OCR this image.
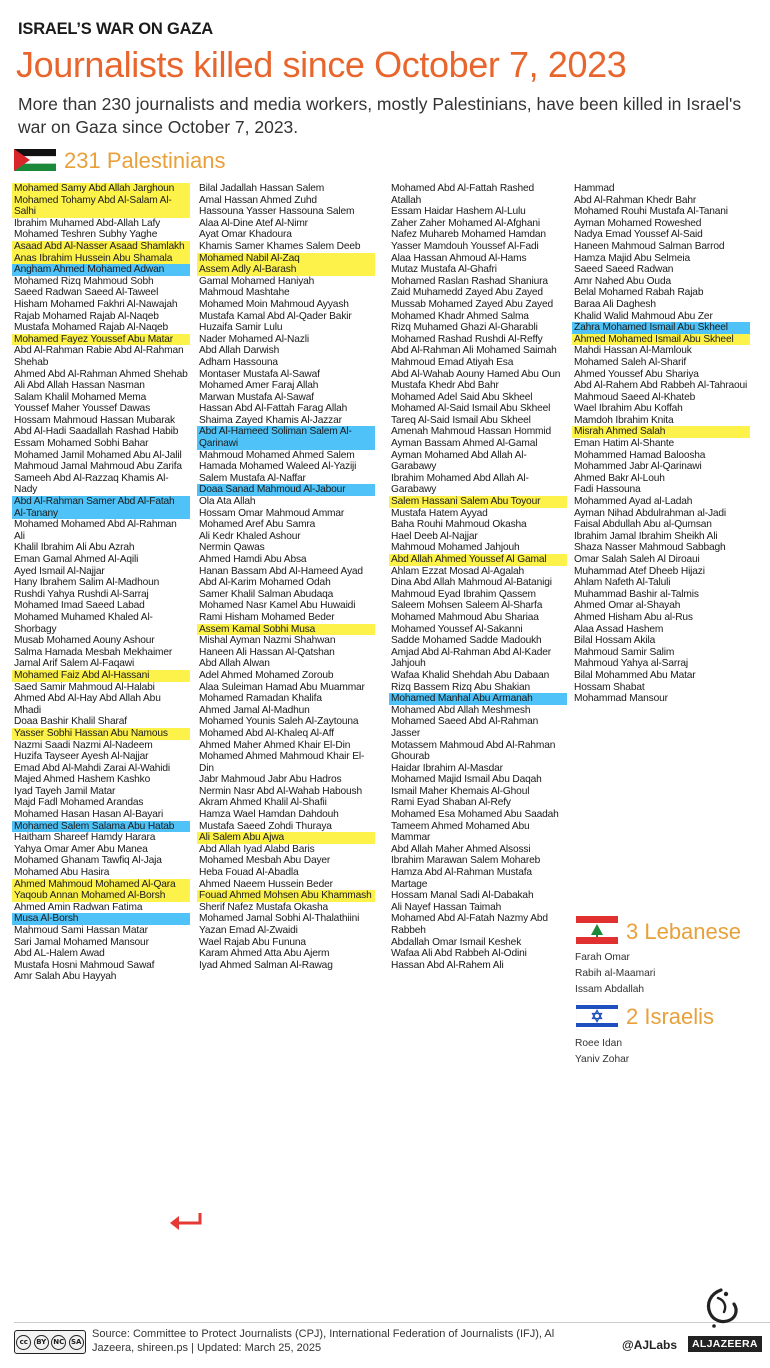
ISRAEL’S WAR ON GAZA
Journalists killed since October 7, 2023
More than 230 journalists and media workers, mostly Palestinians, have been killed in Israel's war on Gaza since October 7, 2023.
231 Palestinians
Mohamed Samy Abd Allah Jarghoun
Mohamed Tohamy Abd Al-Salam Al-Salhi
Ibrahim Muhamed Abd-Allah Lafy
Mohamed Teshren Subhy Yaghe
Asaad Abd Al-Nasser Asaad Shamlakh
Anas Ibrahim Hussein Abu Shamala
Angham Ahmed Mohamed Adwan
Mohamed Rizq Mahmoud Sobh
Saeed Radwan Saeed Al-Taweel
Hisham Mohamed Fakhri Al-Nawajah
Rajab Mohamed Rajab Al-Naqeb
Mustafa Mohamed Rajab Al-Naqeb
Mohamed Fayez Youssef Abu Matar
Abd Al-Rahman Rabie Abd Al-Rahman Shehab
Ahmed Abd Al-Rahman Ahmed Shehab
Ali Abd Allah Hassan Nasman
Salam Khalil Mohamed Mema
Youssef Maher Youssef Dawas
Hossam Mahmoud Hassan Mubarak
Abd Al-Hadi Saadallah Rashad Habib
Essam Mohamed Sobhi Bahar
Mohamed Jamil Mohamed Abu Al-Jalil
Mahmoud Jamal Mahmoud Abu Zarifa
Sameeh Abd Al-Razzaq Khamis Al-Nady
Abd Al-Rahman Samer Abd Al-Fatah Al-Tanany
Mohamed Mohamed Abd Al-Rahman Ali
Khalil Ibrahim Ali Abu Azrah
Eman Gamal Ahmed Al-Aqili
Ayed Ismail Al-Najjar
Hany Ibrahem Salim Al-Madhoun
Rushdi Yahya Rushdi Al-Sarraj
Mohamed Imad Saeed Labad
Mohamed Muhamed Khaled Al-Shorbagy
Musab Mohamed Aouny Ashour
Salma Hamada Mesbah Mekhaimer
Jamal Arif Salem Al-Faqawi
Mohamed Faiz Abd Al-Hassani
Saed Samir Mahmoud Al-Halabi
Ahmed Abd Al-Hay Abd Allah Abu Mhadi
Doaa Bashir Khalil Sharaf
Yasser Sobhi Hassan Abu Namous
Nazmi Saadi Nazmi Al-Nadeem
Huzifa Tayseer Ayesh Al-Najjar
Emad Abd Al-Mahdi Zarai Al-Wahidi
Majed Ahmed Hashem Kashko
Iyad Tayeh Jamil Matar
Majd Fadl Mohamed Arandas
Mohamed Hasan Hasan Al-Bayari
Mohamed Salem Salama Abu Hatab
Haitham Shareef Hamdy Harara
Yahya Omar Amer Abu Manea
Mohamed Ghanam Tawfiq Al-Jaja
Mohamed Abu Hasira
Ahmed Mahmoud Mohamed Al-Qara
Yaqoub Annan Mohamed Al-Borsh
Ahmed Amin Radwan Fatima
Musa Al-Borsh
Mahmoud Sami Hassan Matar
Sari Jamal Mohamed Mansour
Abd AL-Halem Awad
Mustafa Hosni Mahmoud Sawaf
Amr Salah Abu Hayyah
Bilal Jadallah Hassan Salem
Amal Hassan Ahmed Zuhd
Hassouna Yasser Hassouna Salem
Alaa Al-Dine Atef Al-Nimr
Ayat Omar Khadoura
Khamis Samer Khames Salem Deeb
Mohamed Nabil Al-Zaq
Assem Adly Al-Barash
Gamal Mohamed Haniyah
Mahmoud Mashtahe
Mohamed Moin Mahmoud Ayyash
Mustafa Kamal Abd Al-Qader Bakir
Huzaifa Samir Lulu
Nader Mohamed Al-Nazli
Abd Allah Darwish
Adham Hassouna
Montaser Mustafa Al-Sawaf
Mohamed Amer Faraj Allah
Marwan Mustafa Al-Sawaf
Hassan Abd Al-Fattah Farag Allah
Shaima Zayed Khamis Al-Jazzar
Abd Al-Hameed Soliman Salem Al-Qarinawi
Mahmoud Mohamed Ahmed Salem
Hamada Mohamed Waleed Al-Yaziji
Salem Mustafa Al-Naffar
Doaa Sanad Mahmoud Al-Jabour
Ola Ata Allah
Hossam Omar Mahmoud Ammar
Mohamed Aref Abu Samra
Ali Kedr Khaled Ashour
Nermin Qawas
Ahmed Hamdi Abu Absa
Hanan Bassam Abd Al-Hameed Ayad
Abd Al-Karim Mohamed Odah
Samer Khalil Salman Abudaqa
Mohamed Nasr Kamel Abu Huwaidi
Rami Hisham Mohamed Beder
Assem Kamal Sobhi Musa
Mishal Ayman Nazmi Shahwan
Haneen Ali Hassan Al-Qatshan
Abd Allah Alwan
Adel Ahmed Mohamed Zoroub
Alaa Suleiman Hamad Abu Muammar
Mohamed Ramadan Khalifa
Ahmed Jamal Al-Madhun
Mohamed Younis Saleh Al-Zaytouna
Mohamed Abd Al-Khaleq Al-Aff
Ahmed Maher Ahmed Khair El-Din
Mohamed Ahmed Mahmoud Khair El-Din
Jabr Mahmoud Jabr Abu Hadros
Nermin Nasr Abd Al-Wahab Haboush
Akram Ahmed Khalil Al-Shafii
Hamza Wael Hamdan Dahdouh
Mustafa Saeed Zohdi Thuraya
Ali Salem Abu Ajwa
Abd Allah Iyad Alabd Baris
Mohamed Mesbah Abu Dayer
Heba Fouad Al-Abadla
Ahmed Naeem Hussein Beder
Fouad Ahmed Mohsen Abu Khammash
Sherif Nafez Mustafa Okasha
Mohamed Jamal Sobhi Al-Thalathiini
Yazan Emad Al-Zwaidi
Wael Rajab Abu Fununa
Karam Ahmed Atta Abu Ajerm
Iyad Ahmed Salman Al-Rawag
Mohamed Abd Al-Fattah Rashed Atallah
Essam Haidar Hashem Al-Lulu
Zaher Zaher Mohamed Al-Afghani
Nafez Muhareb Mohamed Hamdan
Yasser Mamdouh Youssef Al-Fadi
Alaa Hassan Ahmoud Al-Hams
Mutaz Mustafa Al-Ghafri
Mohamed Raslan Rashad Shaniura
Zaid Muhamedd Zayed Abu Zayed
Mussab Mohamed Zayed Abu Zayed
Mohamed Khadr Ahmed Salma
Rizq Muhamed Ghazi Al-Gharabli
Mohamed Rashad Rushdi Al-Reffy
Abd Al-Rahman Ali Mohamed Saimah
Mahmoud Emad Atiyah Esa
Abd Al-Wahab Aouny Hamed Abu Oun
Mustafa Khedr Abd Bahr
Mohamed Adel Said Abu Skheel
Mohamed Al-Said Ismail Abu Skheel
Tareq Al-Said Ismail Abu Skheel
Amenah Mahmoud Hassan Hommid
Ayman Bassam Ahmed Al-Gamal
Ayman Mohamed Abd Allah Al-Garabawy
Ibrahim Mohamed Abd Allah Al-Garabawy
Salem Hassani Salem Abu Toyour
Mustafa Hatem Ayyad
Baha Rouhi Mahmoud Okasha
Hael Deeb Al-Najjar
Mahmoud Mohamed Jahjouh
Abd Allah Ahmed Youssef Al Gamal
Ahlam Ezzat Mosad Al-Agalah
Dina Abd Allah Mahmoud Al-Batanigi
Mahmoud Eyad Ibrahim Qassem
Saleem Mohsen Saleem Al-Sharfa
Mohamed Mahmoud Abu Shariaa
Mohamed Youssef Al-Sakanni
Sadde Mohamed Sadde Madoukh
Amjad Abd Al-Rahman Abd Al-Kader Jahjouh
Wafaa Khalid Shehdah Abu Dabaan
Rizq Bassem Rizq Abu Shakian
Mohamed Manhal Abu Armanah
Mohamed Abd Allah Meshmesh
Mohamed Saeed Abd Al-Rahman Jasser
Motassem Mahmoud Abd Al-Rahman Ghourab
Haidar Ibrahim Al-Masdar
Mohamed Majid Ismail Abu Daqah
Ismail Maher Khemais Al-Ghoul
Rami Eyad Shaban Al-Refy
Mohamed Esa Mohamed Abu Saadah
Tameem Ahmed Mohamed Abu Mammar
Abd Allah Maher Ahmed Alsossi
Ibrahim Marawan Salem Mohareb
Hamza Abd Al-Rahman Mustafa Martage
Hossam Manal Sadi Al-Dabakah
Ali Nayef Hassan Taimah
Mohamed Abd Al-Fatah Nazmy Abd Rabbeh
Abdallah Omar Ismail Keshek
Wafaa Ali Abd Rabbeh Al-Odini
Hassan Abd Al-Rahem Ali
Hammad
Abd Al-Rahman Khedr Bahr
Mohamed Rouhi Mustafa Al-Tanani
Ayman Mohamed Roweshed
Nadya Emad Youssef Al-Said
Haneen Mahmoud Salman Barrod
Hamza Majid Abu Selmeia
Saeed Saeed Radwan
Amr Nahed Abu Ouda
Belal Mohamed Rabah Rajab
Baraa Ali Daghesh
Khalid Walid Mahmoud Abu Zer
Zahra Mohamed Ismail Abu Skheel
Ahmed Mohamed Ismail Abu Skheel
Mahdi Hassan Al-Mamlouk
Mohamed Saleh Al-Sharif
Ahmed Youssef Abu Shariya
Abd Al-Rahem Abd Rabbeh Al-Tahraoui
Mahmoud Saeed Al-Khateb
Wael Ibrahim Abu Koffah
Mamdoh Ibrahim Knita
Misrah Ahmed Salah
Eman Hatim Al-Shante
Mohammed Hamad Baloosha
Mohammed Jabr Al-Qarinawi
Ahmed Bakr Al-Louh
Fadi Hassouna
Mohammed Ayad al-Ladah
Ayman Nihad Abdulrahman al-Jadi
Faisal Abdullah Abu al-Qumsan
Ibrahim Jamal Ibrahim Sheikh Ali
Shaza Nasser Mahmoud Sabbagh
Omar Salah Saleh Al Diroaui
Muhammad Atef Dheeb Hijazi
Ahlam Nafeth Al-Taluli
Muhammad Bashir al-Talmis
Ahmed Omar al-Shayah
Ahmed Hisham Abu al-Rus
Alaa Assad Hashem
Bilal Hossam Akila
Mahmoud Samir Salim
Mahmoud Yahya al-Sarraj
Bilal Mohammed Abu Matar
Hossam Shabat
Mohammad Mansour
3 Lebanese
Farah Omar
Rabih al-Maamari
Issam Abdallah
2 Israelis
Roee Idan
Yaniv Zohar
cc	BY NC SA
Source: Committee to Protect Journalists (CPJ), International Federation of Journalists (IFJ), Al Jazeera, shireen.ps | Updated: March 25, 2025	@AJLabs	ALJAZEERA
